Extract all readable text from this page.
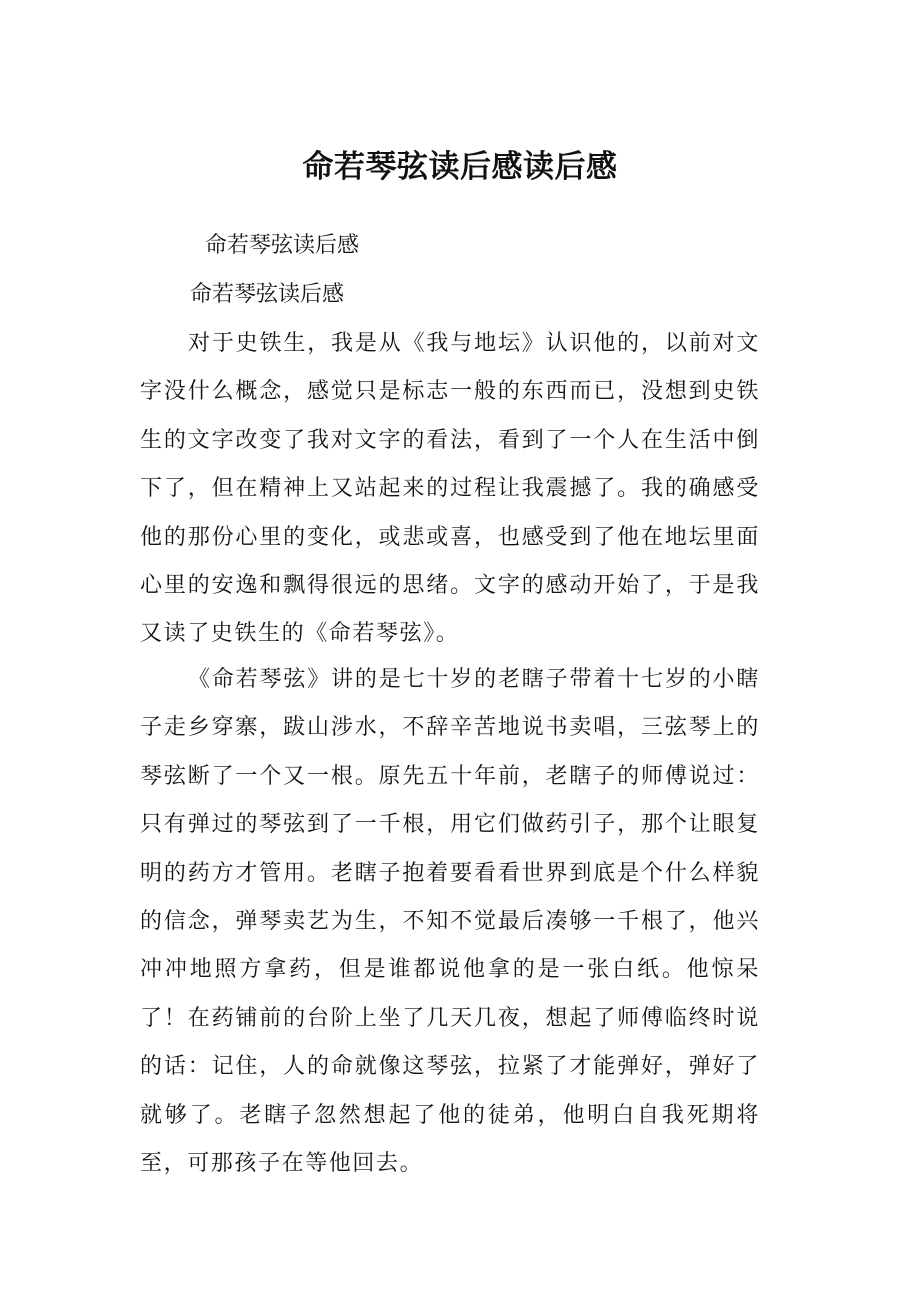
命若琴弦读后感读后感

命若琴弦读后感

命若琴弦读后感

对于史铁生，我是从《我与地坛》认识他的，以前对文字没什么概念，感觉只是标志一般的东西而已，没想到史铁生的文字改变了我对文字的看法，看到了一个人在生活中倒下了，但在精神上又站起来的过程让我震撼了。我的确感受他的那份心里的变化，或悲或喜，也感受到了他在地坛里面心里的安逸和飘得很远的思绪。文字的感动开始了，于是我又读了史铁生的《命若琴弦》。

《命若琴弦》讲的是七十岁的老瞎子带着十七岁的小瞎子走乡穿寨，跋山涉水，不辞辛苦地说书卖唱，三弦琴上的琴弦断了一个又一根。原先五十年前，老瞎子的师傅说过：只有弹过的琴弦到了一千根，用它们做药引子，那个让眼复明的药方才管用。老瞎子抱着要看看世界到底是个什么样貌的信念，弹琴卖艺为生，不知不觉最后凑够一千根了，他兴冲冲地照方拿药，但是谁都说他拿的是一张白纸。他惊呆了！在药铺前的台阶上坐了几天几夜，想起了师傅临终时说的话：记住，人的命就像这琴弦，拉紧了才能弹好，弹好了就够了。老瞎子忽然想起了他的徒弟，他明白自我死期将至，可那孩子在等他回去。
